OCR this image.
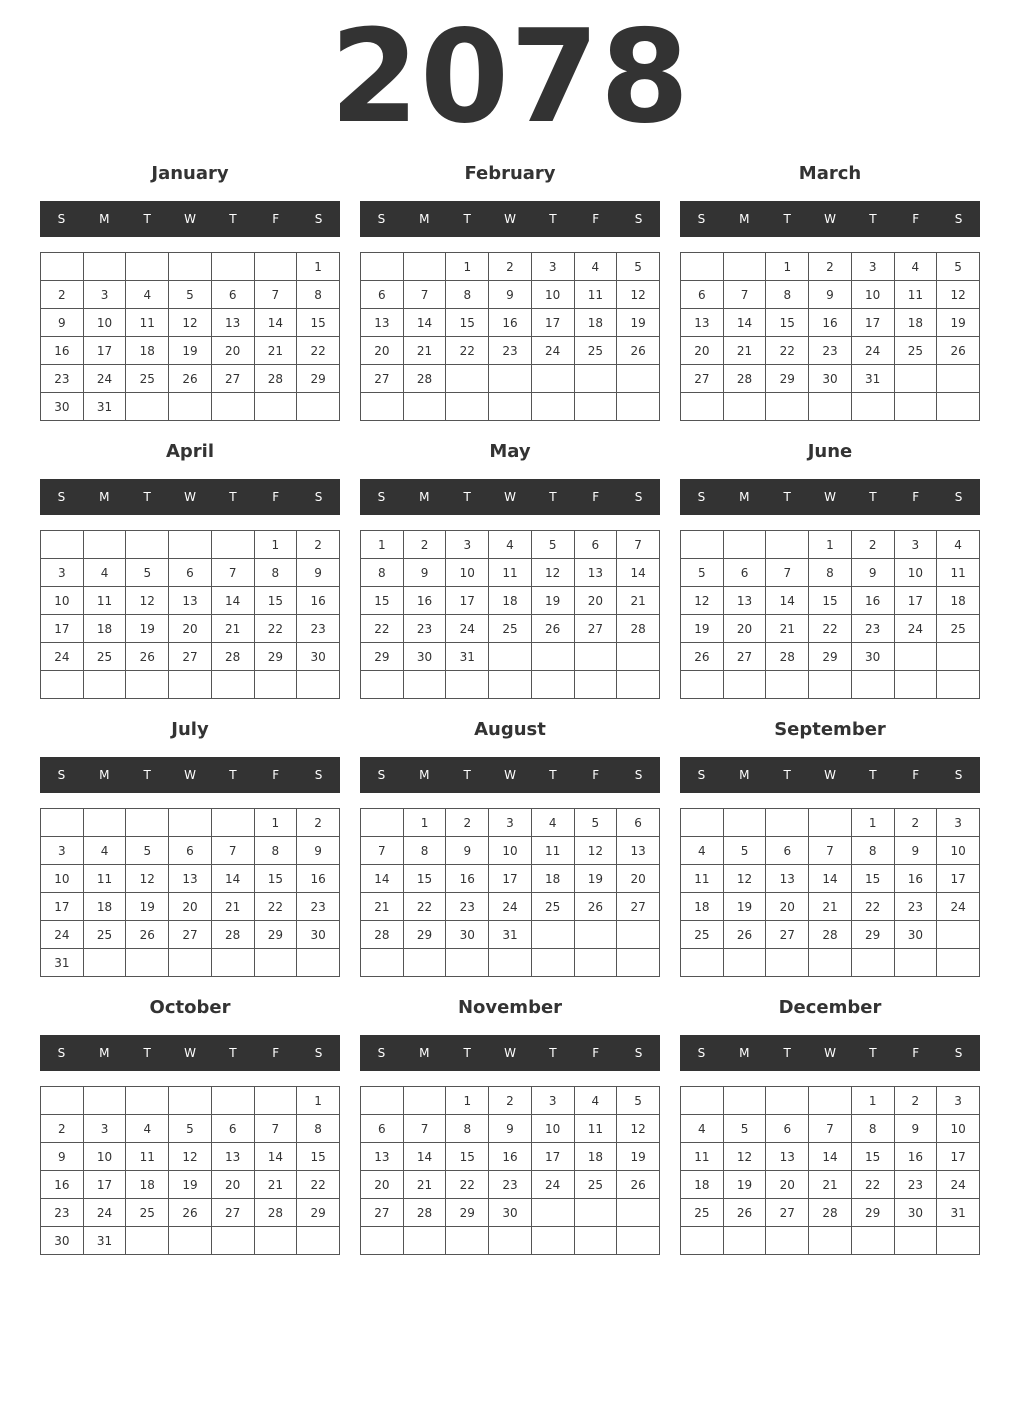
2078
January
S	M	T	W	T	F	S
						1
2	3	4	5	6	7	8
9	10	11	12	13	14	15
16	17	18	19	20	21	22
23	24	25	26	27	28	29
30	31					
February
S	M	T	W	T	F	S
		1	2	3	4	5
6	7	8	9	10	11	12
13	14	15	16	17	18	19
20	21	22	23	24	25	26
27	28					

March
S	M	T	W	T	F	S
		1	2	3	4	5
6	7	8	9	10	11	12
13	14	15	16	17	18	19
20	21	22	23	24	25	26
27	28	29	30	31		

April
S	M	T	W	T	F	S
					1	2
3	4	5	6	7	8	9
10	11	12	13	14	15	16
17	18	19	20	21	22	23
24	25	26	27	28	29	30

May
S	M	T	W	T	F	S
1	2	3	4	5	6	7
8	9	10	11	12	13	14
15	16	17	18	19	20	21
22	23	24	25	26	27	28
29	30	31				

June
S	M	T	W	T	F	S
			1	2	3	4
5	6	7	8	9	10	11
12	13	14	15	16	17	18
19	20	21	22	23	24	25
26	27	28	29	30		

July
S	M	T	W	T	F	S
					1	2
3	4	5	6	7	8	9
10	11	12	13	14	15	16
17	18	19	20	21	22	23
24	25	26	27	28	29	30
31						
August
S	M	T	W	T	F	S
	1	2	3	4	5	6
7	8	9	10	11	12	13
14	15	16	17	18	19	20
21	22	23	24	25	26	27
28	29	30	31			

September
S	M	T	W	T	F	S
				1	2	3
4	5	6	7	8	9	10
11	12	13	14	15	16	17
18	19	20	21	22	23	24
25	26	27	28	29	30	

October
S	M	T	W	T	F	S
						1
2	3	4	5	6	7	8
9	10	11	12	13	14	15
16	17	18	19	20	21	22
23	24	25	26	27	28	29
30	31					
November
S	M	T	W	T	F	S
		1	2	3	4	5
6	7	8	9	10	11	12
13	14	15	16	17	18	19
20	21	22	23	24	25	26
27	28	29	30			

December
S	M	T	W	T	F	S
				1	2	3
4	5	6	7	8	9	10
11	12	13	14	15	16	17
18	19	20	21	22	23	24
25	26	27	28	29	30	31
